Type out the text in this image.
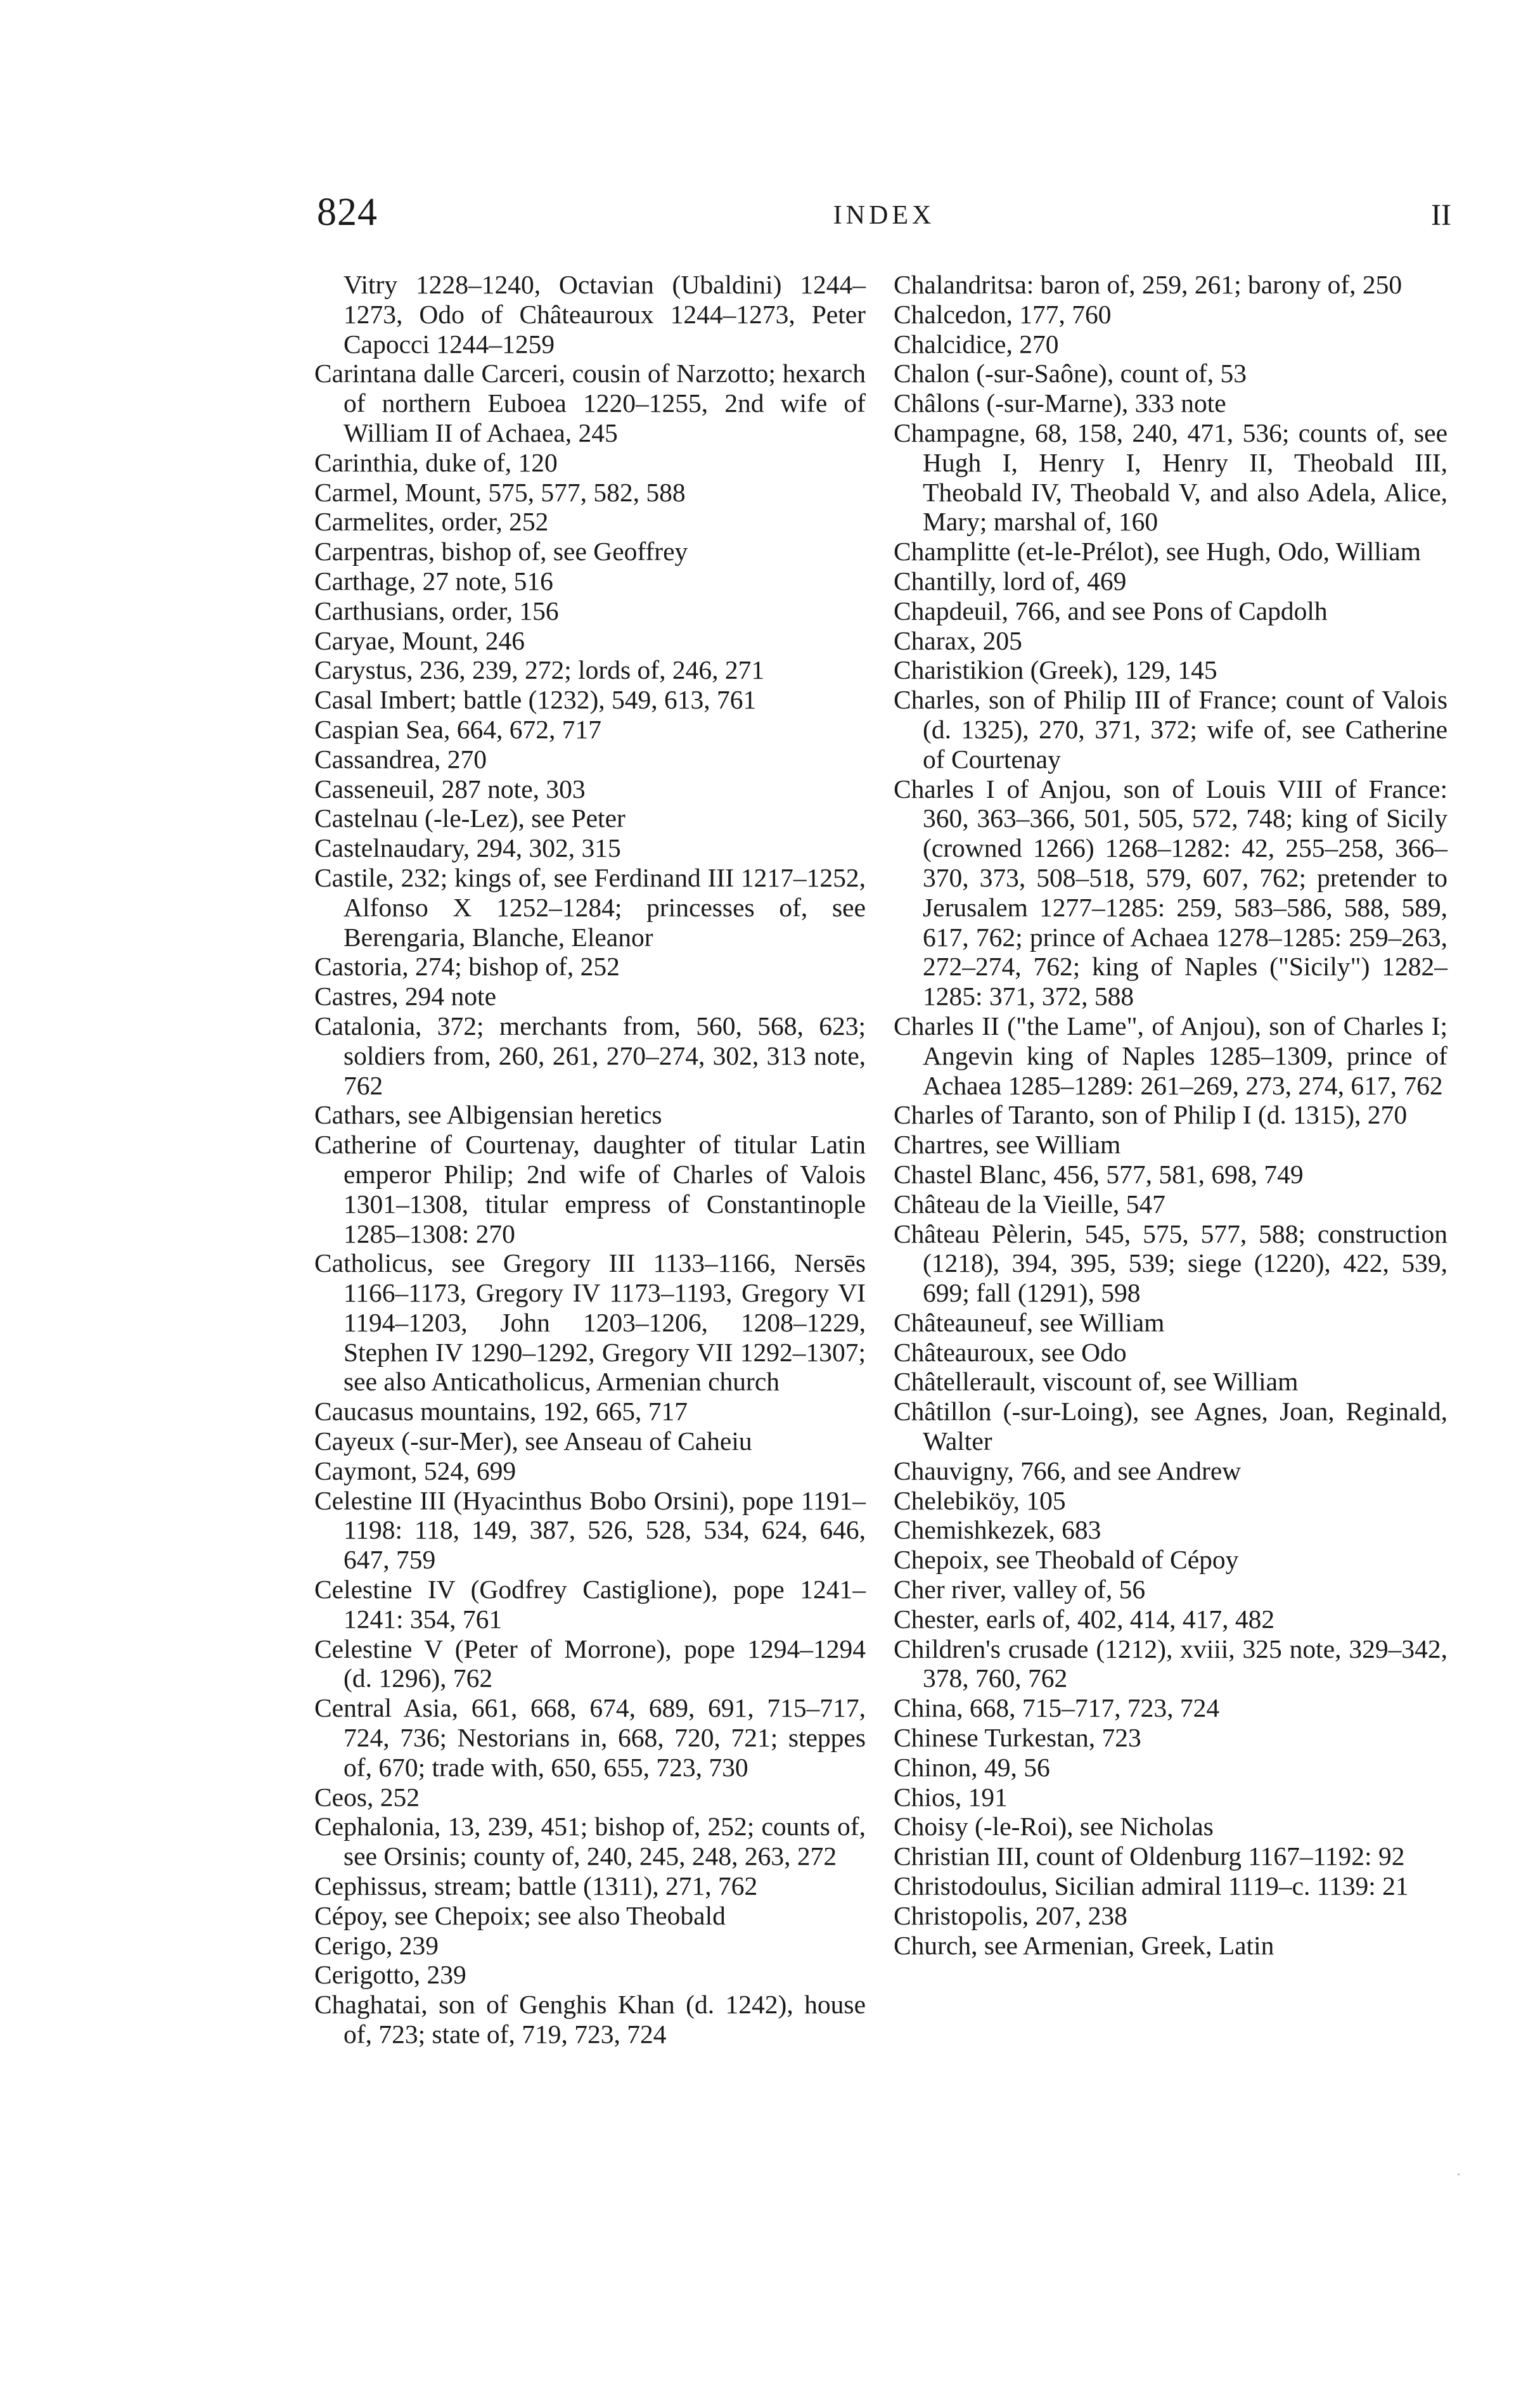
824	INDEX	II

Vitry 1228–1240, Octavian (Ubaldini) 1244–1273, Odo of Châteauroux 1244–1273, Peter Capocci 1244–1259

Carintana dalle Carceri, cousin of Narzotto; hexarch of northern Euboea 1220–1255, 2nd wife of William II of Achaea, 245

Carinthia, duke of, 120

Carmel, Mount, 575, 577, 582, 588

Carmelites, order, 252

Carpentras, bishop of, see Geoffrey

Carthage, 27 note, 516

Carthusians, order, 156

Caryae, Mount, 246

Carystus, 236, 239, 272; lords of, 246, 271

Casal Imbert; battle (1232), 549, 613, 761

Caspian Sea, 664, 672, 717

Cassandrea, 270

Casseneuil, 287 note, 303

Castelnau (-le-Lez), see Peter

Castelnaudary, 294, 302, 315

Castile, 232; kings of, see Ferdinand III 1217–1252, Alfonso X 1252–1284; princesses of, see Berengaria, Blanche, Eleanor

Castoria, 274; bishop of, 252

Castres, 294 note

Catalonia, 372; merchants from, 560, 568, 623; soldiers from, 260, 261, 270–274, 302, 313 note, 762

Cathars, see Albigensian heretics

Catherine of Courtenay, daughter of titular Latin emperor Philip; 2nd wife of Charles of Valois 1301–1308, titular empress of Constantinople 1285–1308: 270

Catholicus, see Gregory III 1133–1166, Nersēs 1166–1173, Gregory IV 1173–1193, Gregory VI 1194–1203, John 1203–1206, 1208–1229, Stephen IV 1290–1292, Gregory VII 1292–1307; see also Anticatholicus, Armenian church

Caucasus mountains, 192, 665, 717

Cayeux (-sur-Mer), see Anseau of Caheiu

Caymont, 524, 699

Celestine III (Hyacinthus Bobo Orsini), pope 1191–1198: 118, 149, 387, 526, 528, 534, 624, 646, 647, 759

Celestine IV (Godfrey Castiglione), pope 1241–1241: 354, 761

Celestine V (Peter of Morrone), pope 1294–1294 (d. 1296), 762

Central Asia, 661, 668, 674, 689, 691, 715–717, 724, 736; Nestorians in, 668, 720, 721; steppes of, 670; trade with, 650, 655, 723, 730

Ceos, 252

Cephalonia, 13, 239, 451; bishop of, 252; counts of, see Orsinis; county of, 240, 245, 248, 263, 272

Cephissus, stream; battle (1311), 271, 762

Cépoy, see Chepoix; see also Theobald

Cerigo, 239

Cerigotto, 239

Chaghatai, son of Genghis Khan (d. 1242), house of, 723; state of, 719, 723, 724

Chalandritsa: baron of, 259, 261; barony of, 250

Chalcedon, 177, 760

Chalcidice, 270

Chalon (-sur-Saône), count of, 53

Châlons (-sur-Marne), 333 note

Champagne, 68, 158, 240, 471, 536; counts of, see Hugh I, Henry I, Henry II, Theobald III, Theobald IV, Theobald V, and also Adela, Alice, Mary; marshal of, 160

Champlitte (et-le-Prélot), see Hugh, Odo, William

Chantilly, lord of, 469

Chapdeuil, 766, and see Pons of Capdolh

Charax, 205

Charistikion (Greek), 129, 145

Charles, son of Philip III of France; count of Valois (d. 1325), 270, 371, 372; wife of, see Catherine of Courtenay

Charles I of Anjou, son of Louis VIII of France: 360, 363–366, 501, 505, 572, 748; king of Sicily (crowned 1266) 1268–1282: 42, 255–258, 366–370, 373, 508–518, 579, 607, 762; pretender to Jerusalem 1277–1285: 259, 583–586, 588, 589, 617, 762; prince of Achaea 1278–1285: 259–263, 272–274, 762; king of Naples ("Sicily") 1282–1285: 371, 372, 588

Charles II ("the Lame", of Anjou), son of Charles I; Angevin king of Naples 1285–1309, prince of Achaea 1285–1289: 261–269, 273, 274, 617, 762

Charles of Taranto, son of Philip I (d. 1315), 270

Chartres, see William

Chastel Blanc, 456, 577, 581, 698, 749

Château de la Vieille, 547

Château Pèlerin, 545, 575, 577, 588; construction (1218), 394, 395, 539; siege (1220), 422, 539, 699; fall (1291), 598

Châteauneuf, see William

Châteauroux, see Odo

Châtellerault, viscount of, see William

Châtillon (-sur-Loing), see Agnes, Joan, Reginald, Walter

Chauvigny, 766, and see Andrew

Chelebiköy, 105

Chemishkezek, 683

Chepoix, see Theobald of Cépoy

Cher river, valley of, 56

Chester, earls of, 402, 414, 417, 482

Children's crusade (1212), xviii, 325 note, 329–342, 378, 760, 762

China, 668, 715–717, 723, 724

Chinese Turkestan, 723

Chinon, 49, 56

Chios, 191

Choisy (-le-Roi), see Nicholas

Christian III, count of Oldenburg 1167–1192: 92

Christodoulus, Sicilian admiral 1119–c. 1139: 21

Christopolis, 207, 238

Church, see Armenian, Greek, Latin
